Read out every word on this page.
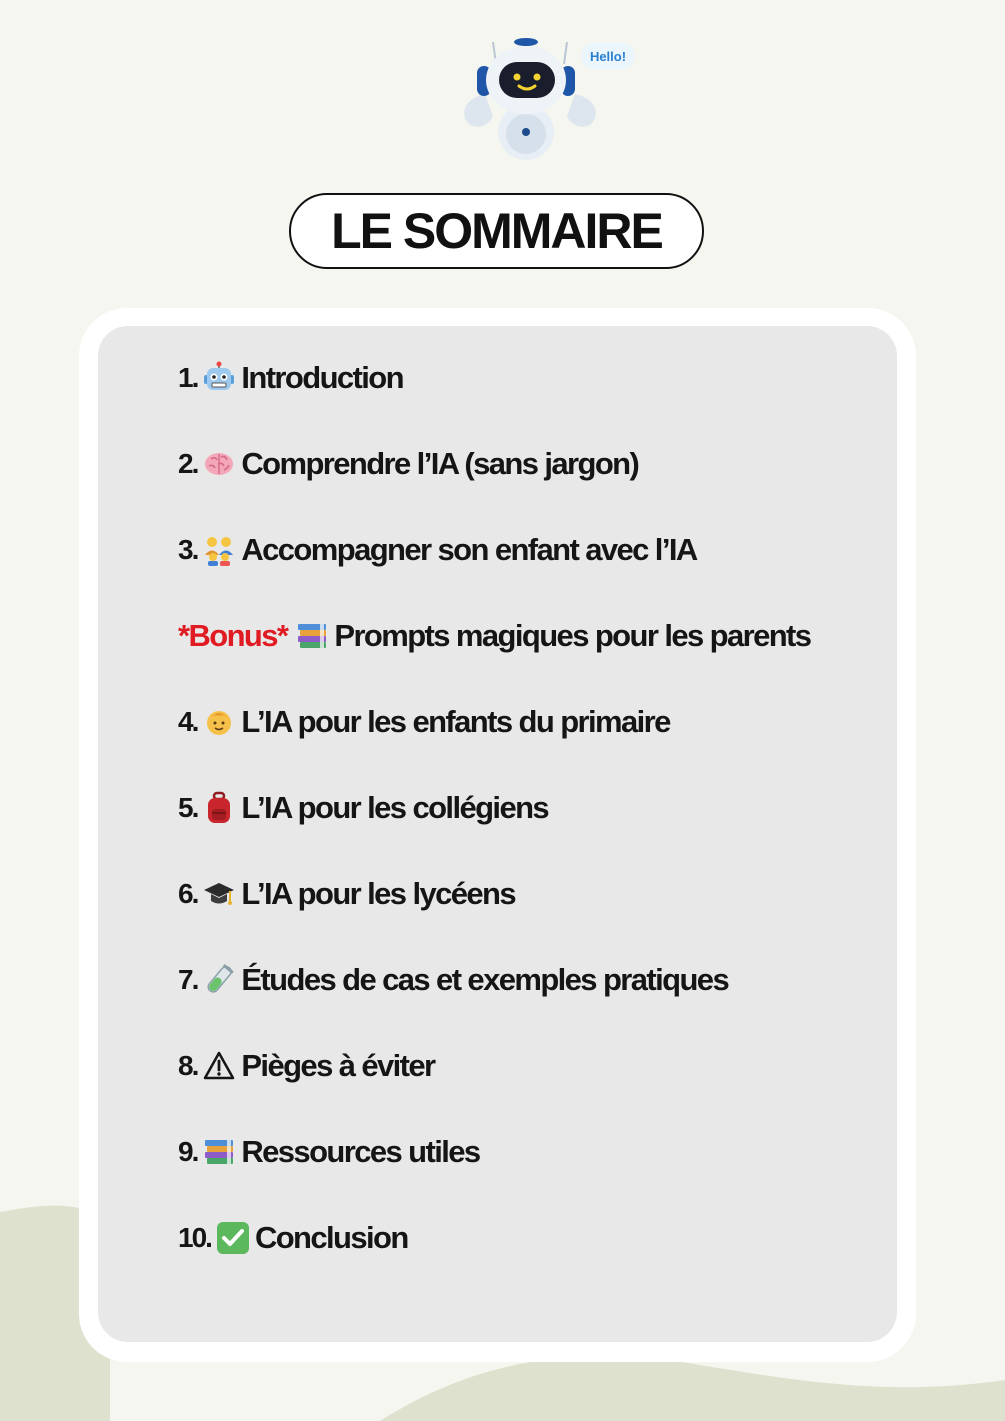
Hello!
LE SOMMAIRE
1. Introduction
2. Comprendre l’IA (sans jargon)
3. Accompagner son enfant avec l’IA
*Bonus* Prompts magiques pour les parents
4. L’IA pour les enfants du primaire
5. L’IA pour les collégiens
6. L’IA pour les lycéens
7. Études de cas et exemples pratiques
8. Pièges à éviter
9. Ressources utiles
10. Conclusion
